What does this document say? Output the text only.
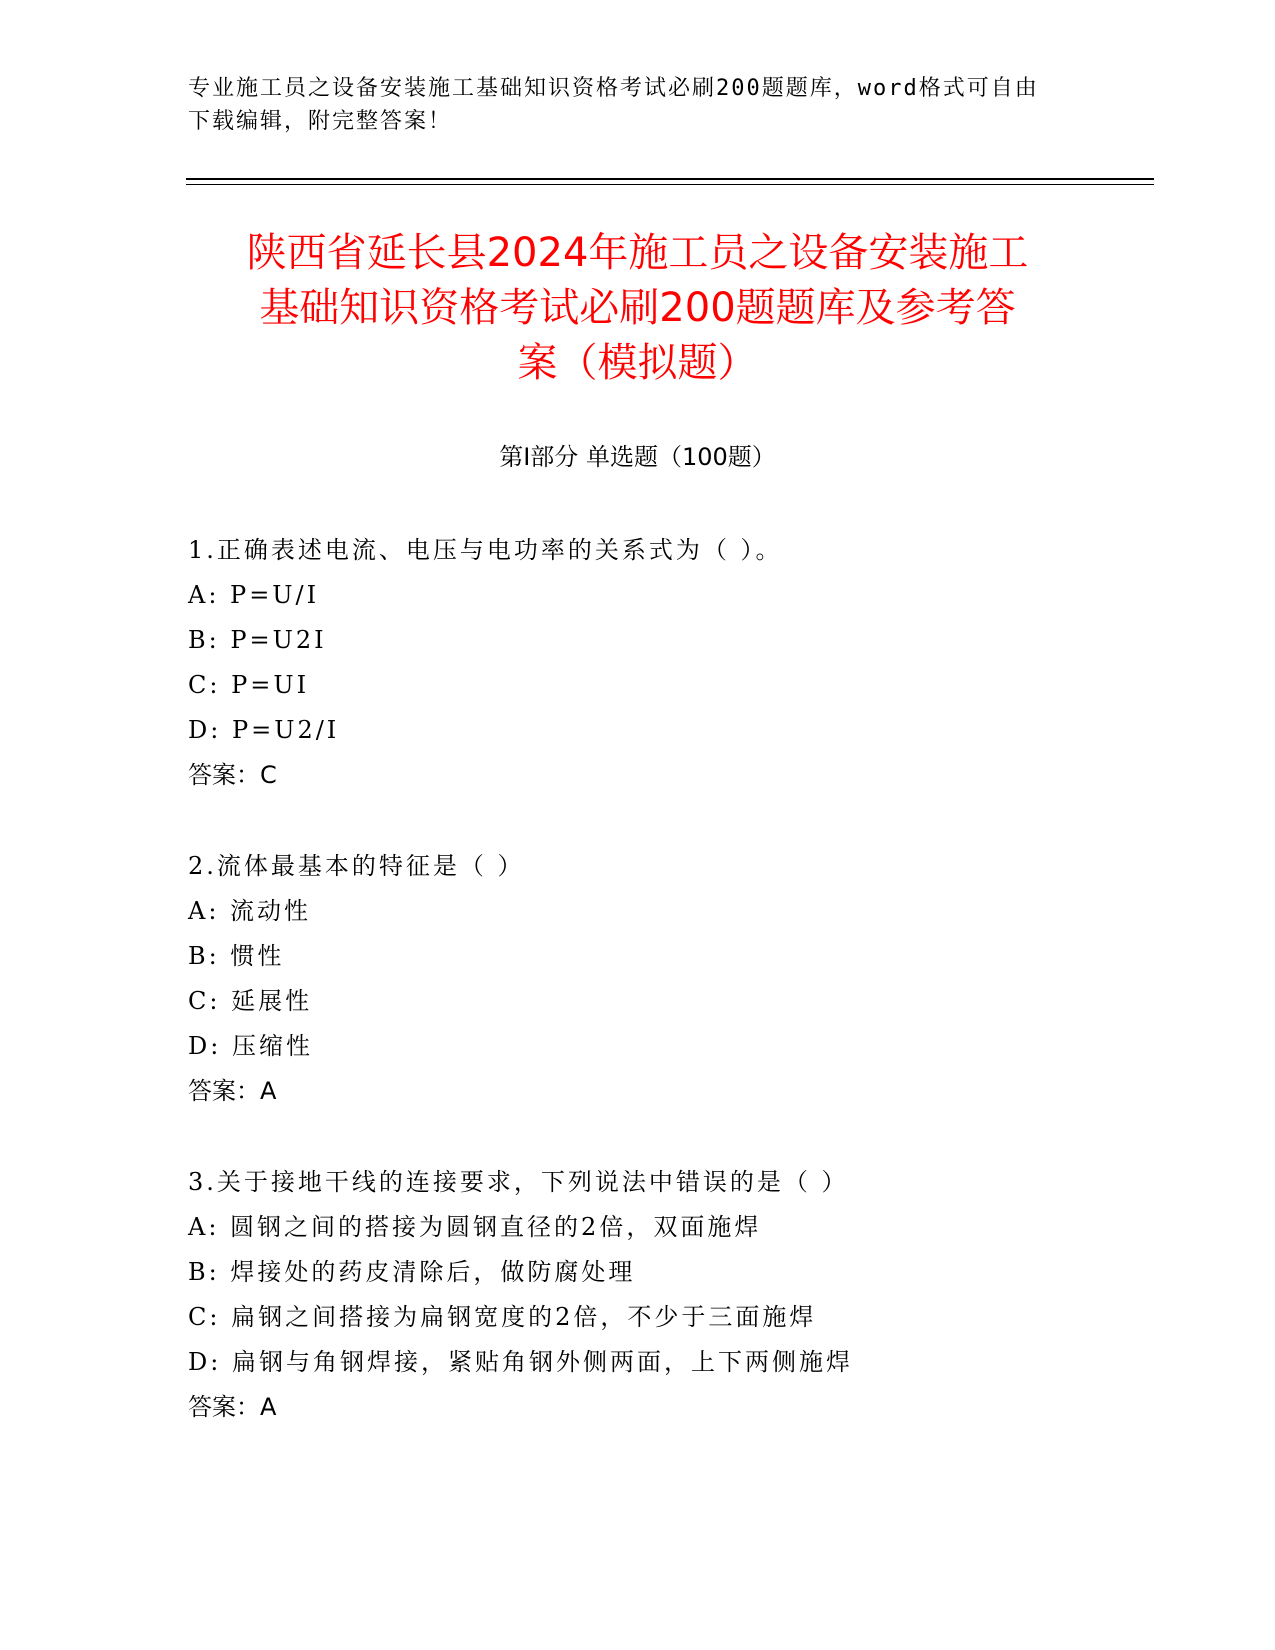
专业施工员之设备安装施工基础知识资格考试必刷200题题库，word格式可自由
下载编辑，附完整答案！
陕西省延长县2024年施工员之设备安装施工
基础知识资格考试必刷200题题库及参考答
案（模拟题）
第Ⅰ部分 单选题（100题）
1.正确表述电流、电压与电功率的关系式为（ ）。
A: P=U/I
B: P=U2I
C: P=UI
D: P=U2/I
答案：C
2.流体最基本的特征是（ ）
A: 流动性
B: 惯性
C: 延展性
D: 压缩性
答案：A
3.关于接地干线的连接要求，下列说法中错误的是（ ）
A: 圆钢之间的搭接为圆钢直径的2倍，双面施焊
B: 焊接处的药皮清除后，做防腐处理
C: 扁钢之间搭接为扁钢宽度的2倍，不少于三面施焊
D: 扁钢与角钢焊接，紧贴角钢外侧两面，上下两侧施焊
答案：A
